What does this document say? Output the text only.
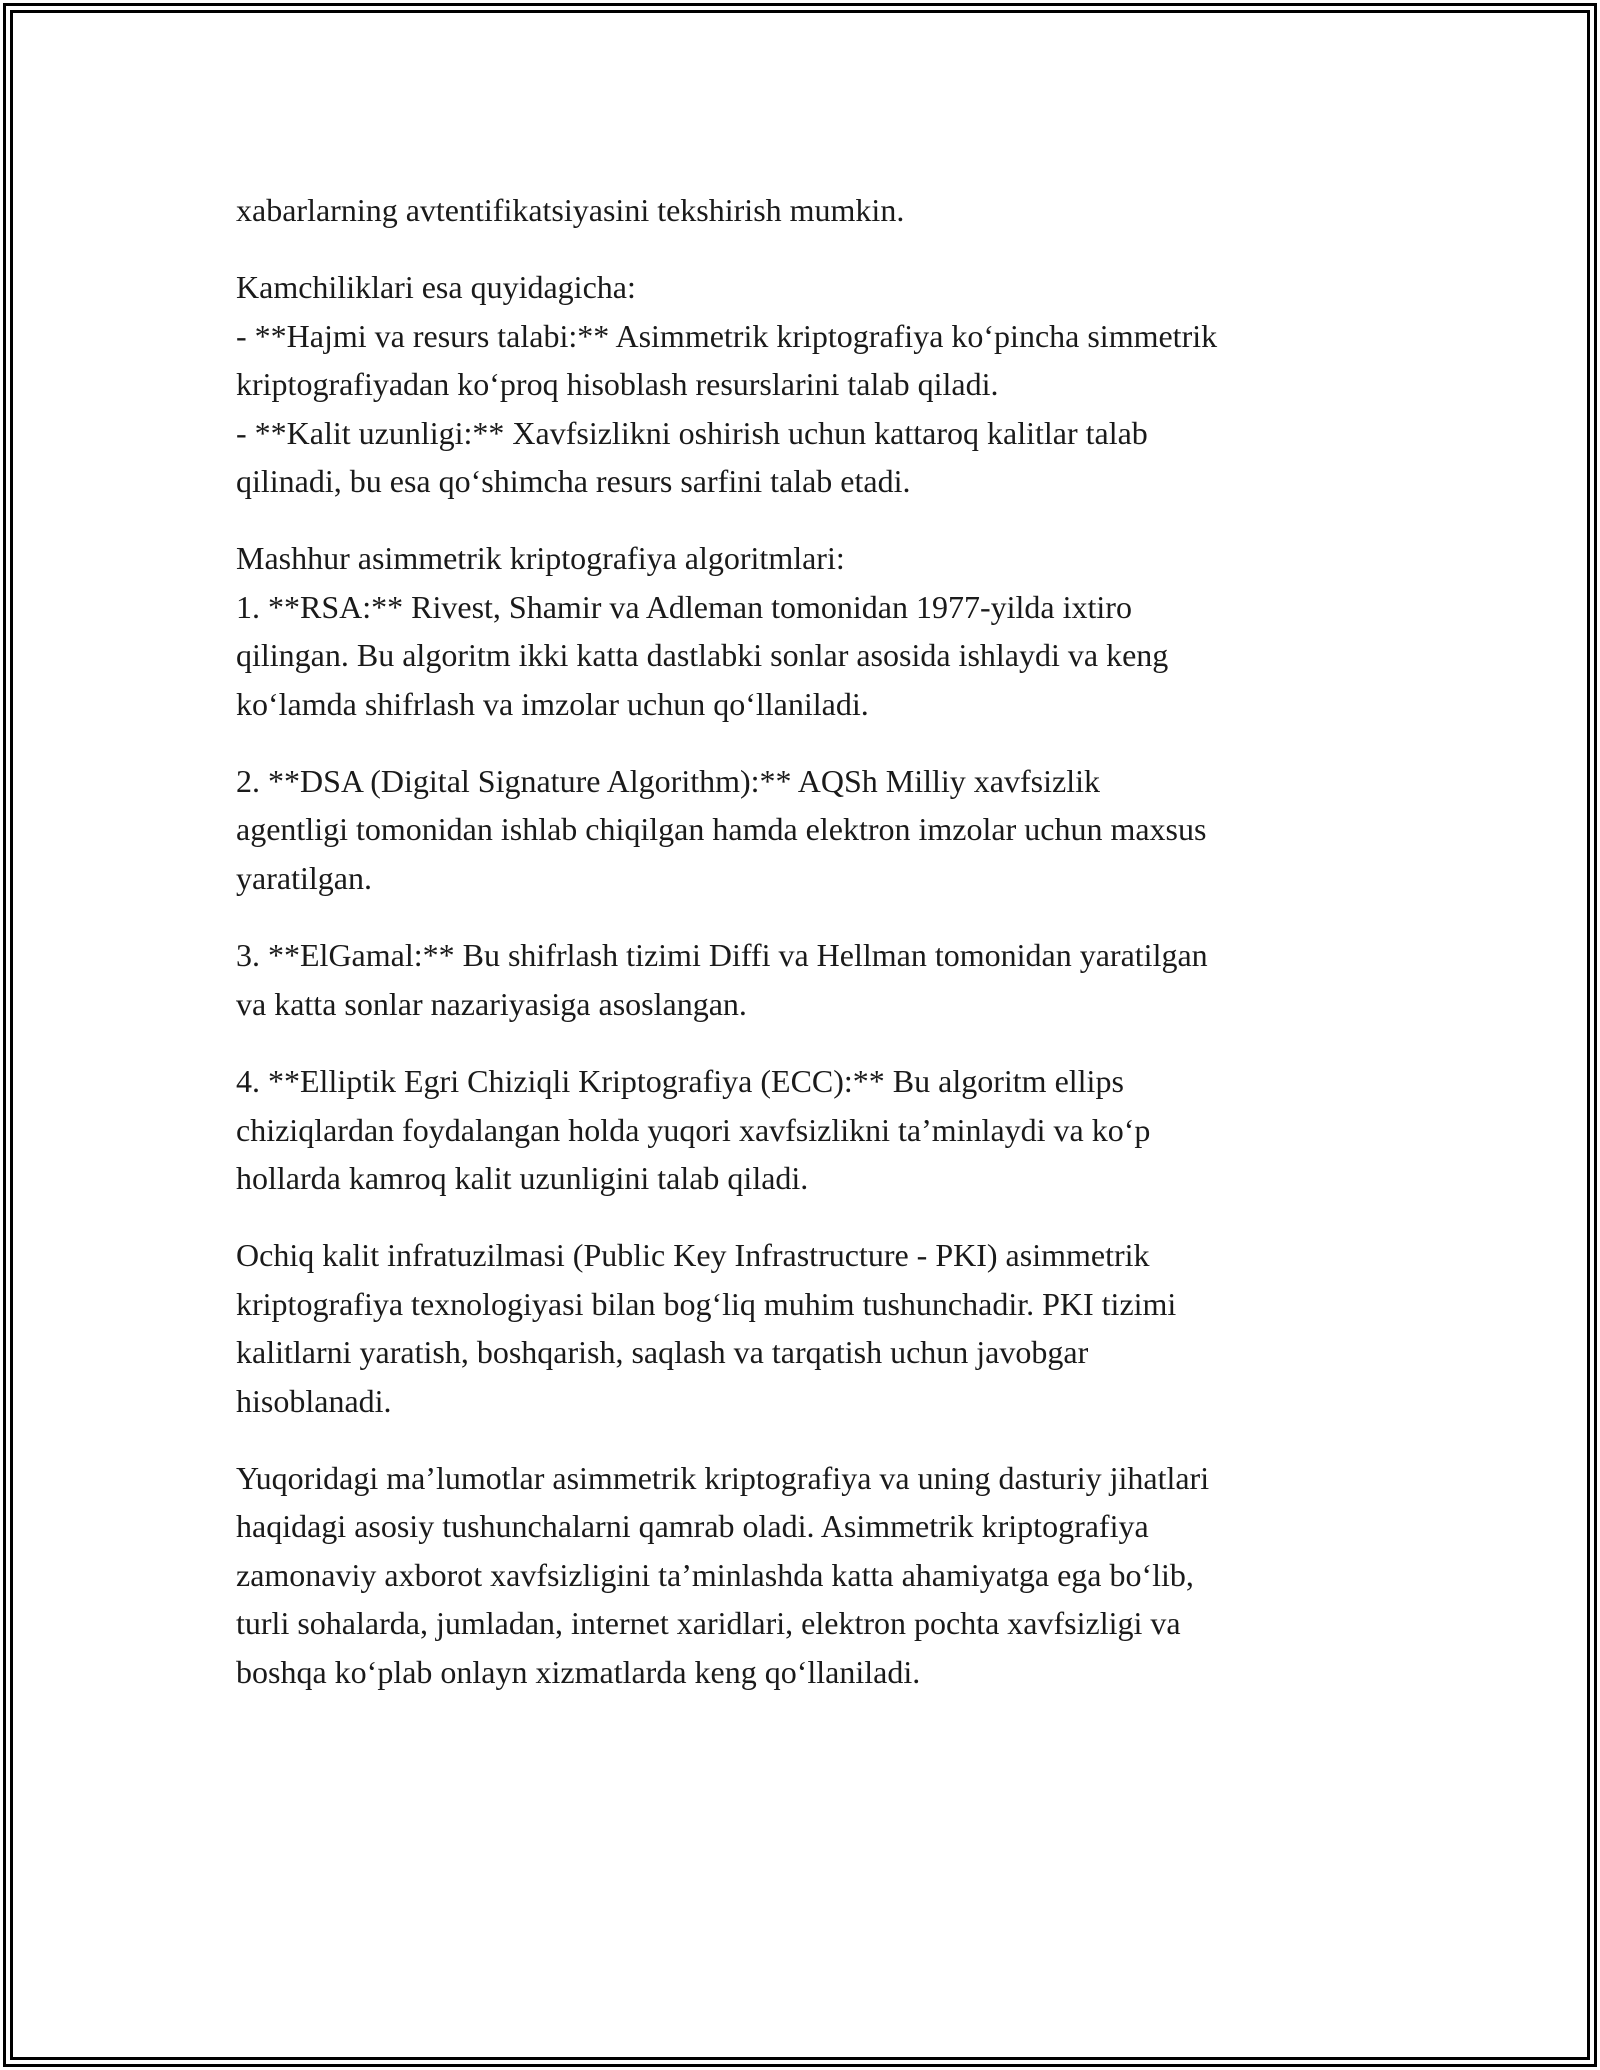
xabarlarning avtentifikatsiyasini tekshirish mumkin.
Kamchiliklari esa quyidagicha:
- **Hajmi va resurs talabi:** Asimmetrik kriptografiya koʻpincha simmetrik
kriptografiyadan koʻproq hisoblash resurslarini talab qiladi.
- **Kalit uzunligi:** Xavfsizlikni oshirish uchun kattaroq kalitlar talab
qilinadi, bu esa qoʻshimcha resurs sarfini talab etadi.
Mashhur asimmetrik kriptografiya algoritmlari:
1. **RSA:** Rivest, Shamir va Adleman tomonidan 1977-yilda ixtiro
qilingan. Bu algoritm ikki katta dastlabki sonlar asosida ishlaydi va keng
koʻlamda shifrlash va imzolar uchun qoʻllaniladi.
2. **DSA (Digital Signature Algorithm):** AQSh Milliy xavfsizlik
agentligi tomonidan ishlab chiqilgan hamda elektron imzolar uchun maxsus
yaratilgan.
3. **ElGamal:** Bu shifrlash tizimi Diffi va Hellman tomonidan yaratilgan
va katta sonlar nazariyasiga asoslangan.
4. **Elliptik Egri Chiziqli Kriptografiya (ECC):** Bu algoritm ellips
chiziqlardan foydalangan holda yuqori xavfsizlikni taʼminlaydi va koʻp
hollarda kamroq kalit uzunligini talab qiladi.
Ochiq kalit infratuzilmasi (Public Key Infrastructure - PKI) asimmetrik
kriptografiya texnologiyasi bilan bogʻliq muhim tushunchadir. PKI tizimi
kalitlarni yaratish, boshqarish, saqlash va tarqatish uchun javobgar
hisoblanadi.
Yuqoridagi maʼlumotlar asimmetrik kriptografiya va uning dasturiy jihatlari
haqidagi asosiy tushunchalarni qamrab oladi. Asimmetrik kriptografiya
zamonaviy axborot xavfsizligini taʼminlashda katta ahamiyatga ega boʻlib,
turli sohalarda, jumladan, internet xaridlari, elektron pochta xavfsizligi va
boshqa koʻplab onlayn xizmatlarda keng qoʻllaniladi.
